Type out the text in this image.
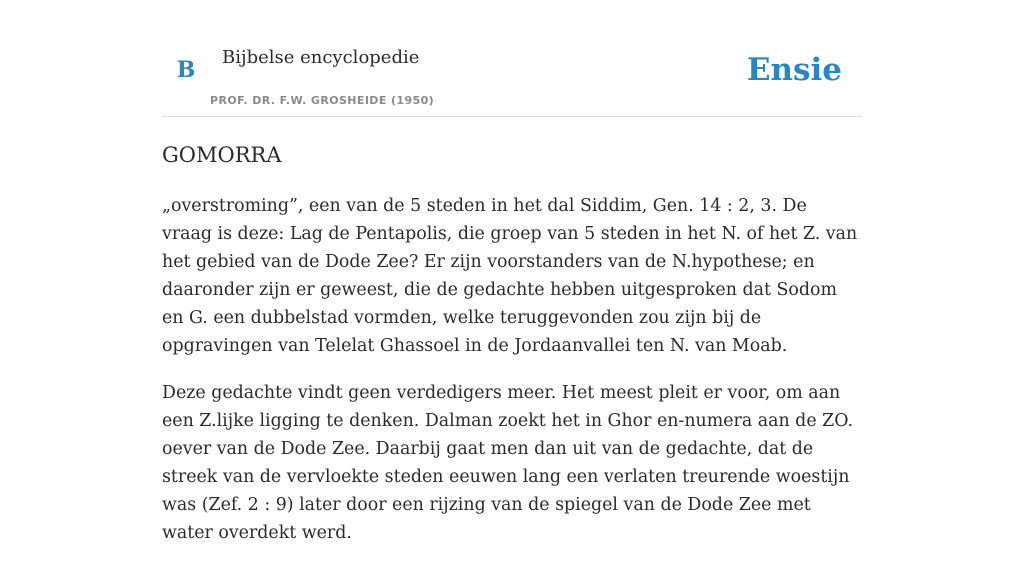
B Bijbelse encyclopedie
PROF. DR. F.W. GROSHEIDE (1950)
Ensie
GOMORRA

„overstroming”, een van de 5 steden in het dal Siddim, Gen. 14 : 2, 3. De vraag is deze: Lag de Pentapolis, die groep van 5 steden in het N. of het Z. van het gebied van de Dode Zee? Er zijn voorstanders van de N.hypothese; en daaronder zijn er geweest, die de gedachte hebben uitgesproken dat Sodom en G. een dubbelstad vormden, welke teruggevonden zou zijn bij de opgravingen van Telelat Ghassoel in de Jordaanvallei ten N. van Moab.

Deze gedachte vindt geen verdedigers meer. Het meest pleit er voor, om aan een Z.lijke ligging te denken. Dalman zoekt het in Ghor en-numera aan de ZO. oever van de Dode Zee. Daarbij gaat men dan uit van de gedachte, dat de streek van de vervloekte steden eeuwen lang een verlaten treurende woestijn was (Zef. 2 : 9) later door een rijzing van de spiegel van de Dode Zee met water overdekt werd.
